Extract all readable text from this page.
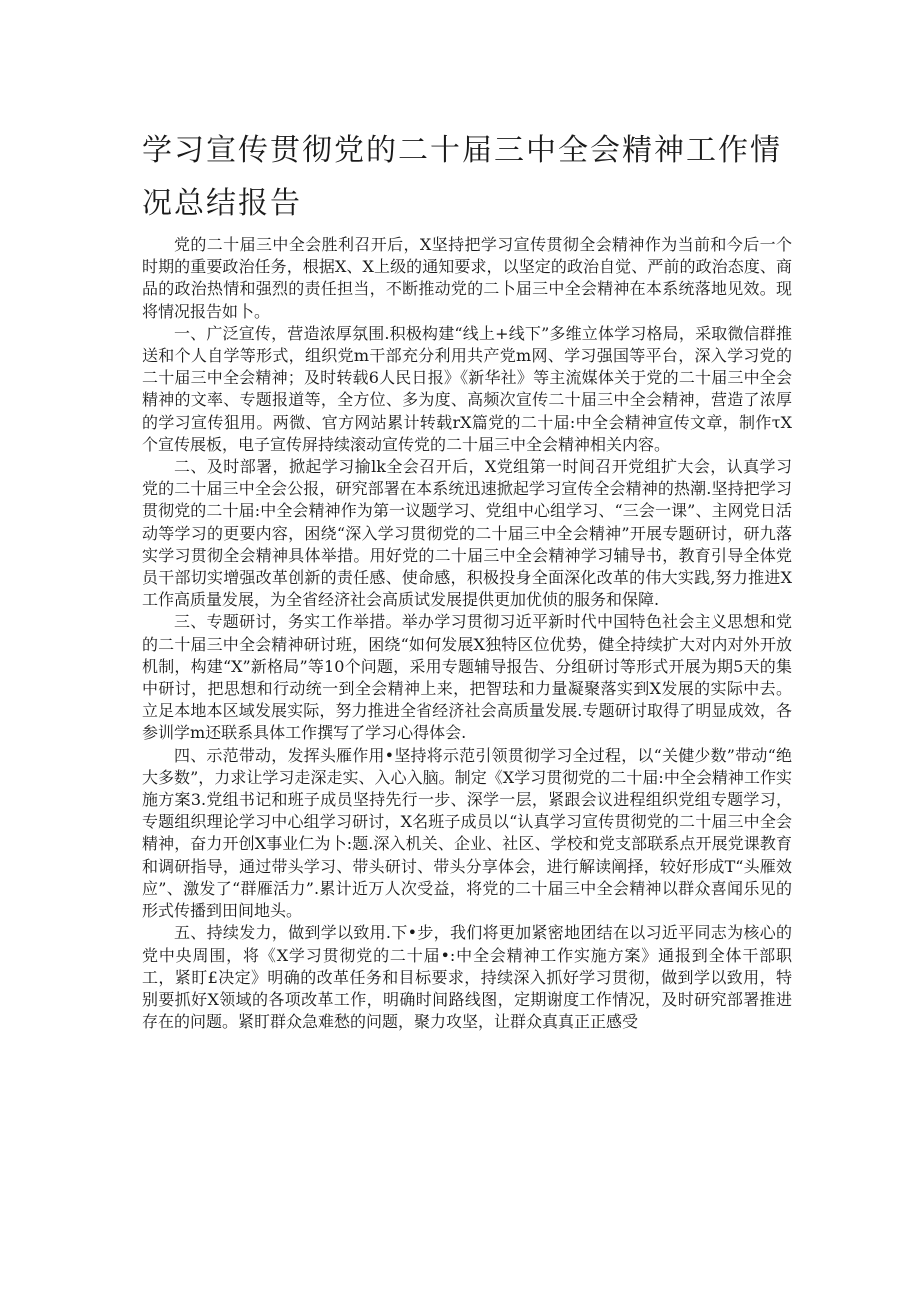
学习宣传贯彻党的二十届三中全会精神工作情况总结报告

党的二十届三中全会胜利召开后，X坚持把学习宣传贯彻全会精神作为当前和今后一个时期的重要政治任务，根据X、X上级的通知要求，以坚定的政治自觉、严前的政治态度、商品的政治热情和强烈的责任担当，不断推动党的二卜届三中全会精神在本系统落地见效。现将情况报告如卜。

一、广泛宣传，营造浓厚氛围.积极构建“线上+线下”多维立体学习格局，采取微信群推送和个人自学等形式，组织党m干部充分利用共产党m网、学习强国等平台，深入学习党的二十届三中全会精神；及时转载6人民日报》《新华社》等主流媒体关于党的二十届三中全会精神的文率、专题报道等，全方位、多为度、高频次宣传二十届三中全会精神，营造了浓厚的学习宣传狙用。两微、官方网站累计转载rX篇党的二十届:中全会精神宣传文章，制作τX个宣传展板，电子宣传屏持续滚动宣传党的二十届三中全会精神相关内容。

二、及时部署，掀起学习揄lk全会召开后，X党组第一时间召开党组扩大会，认真学习党的二十届三中全会公报，研究部署在本系统迅速掀起学习宣传全会精神的热潮.坚持把学习贯彻党的二十届:中全会精神作为第一议题学习、党组中心组学习、“三会一课”、主网党日活动等学习的更要内容，困绕“深入学习贯彻党的二十届三中全会精神”开展专题研讨，研九落实学习贯彻全会精神具体举措。用好党的二十届三中全会精神学习辅导书，教育引导全体党员干部切实增强改革创新的责任感、使命感，积极投身全面深化改革的伟大实践,努力推进X工作高质量发展，为全省经济社会高质试发展提供更加优侦的服务和保障.

三、专题研讨，务实工作举措。举办学习贯彻习近平新时代中国特色社会主义思想和党的二十届三中全会精神研讨班，困绕“如何发展X独特区位优势，健全持续扩大对内对外开放机制，构建“X”新格局”等10个问题，采用专题辅导报告、分组研讨等形式开展为期5天的集中研讨，把思想和行动统一到全会精神上来，把智珐和力量凝聚落实到X发展的实际中去。立足本地本区域发展实际，努力推进全省经济社会高质量发展.专题研讨取得了明显成效，各参训学m还联系具体工作撰写了学习心得体会.

四、示范带动，发挥头雁作用•坚持将示范引领贯彻学习全过程，以“关健少数”带动“绝大多数”，力求让学习走深走实、入心入脑。制定《X学习贯彻党的二十届:中全会精神工作实施方案3.党组书记和班子成员坚持先行一步、深学一层，紧跟会议进程组织党组专题学习，专题组织理论学习中心组学习研讨，X名班子成员以“认真学习宣传贯彻党的二十届三中全会精神，奋力开创X事业仁为卜:题.深入机关、企业、社区、学校和党支部联系点开展党课教育和调研指导，通过带头学习、带头研讨、带头分享体会，进行解读阐择，较好形成T“头雁效应”、激发了“群雁活力”.累计近万人次受益，将党的二十届三中全会精神以群众喜闻乐见的形式传播到田间地头。

五、持续发力，做到学以致用.下•步，我们将更加紧密地团结在以习近平同志为核心的党中央周围，将《X学习贯彻党的二十届•:中全会精神工作实施方案》通报到全体干部职工，紧盯£决定》明确的改革任务和目标要求，持续深入抓好学习贯彻，做到学以致用，特别要抓好X领域的各项改革工作，明确时间路线图，定期谢度工作情况，及时研究部署推进存在的问题。紧盯群众急难愁的问题，聚力攻坚，让群众真真正正感受
